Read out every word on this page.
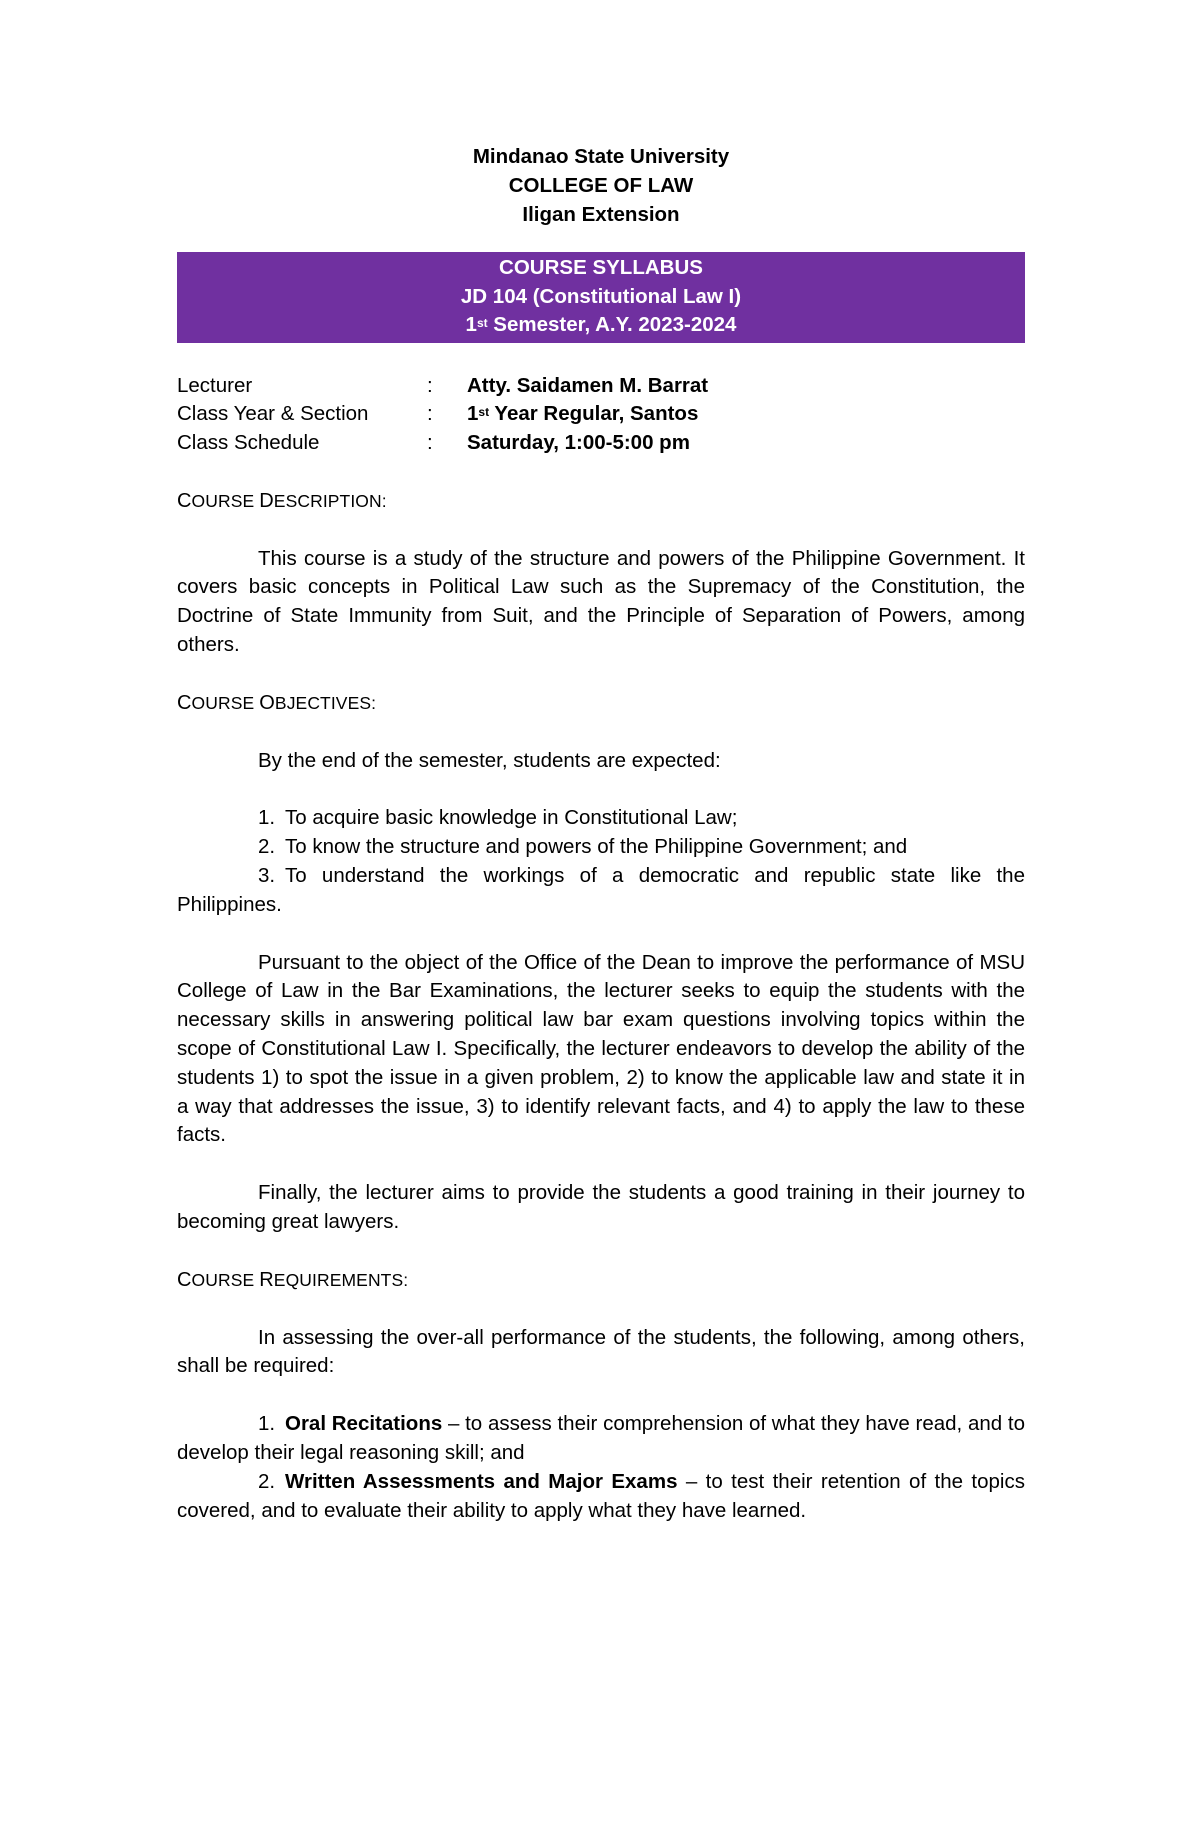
Mindanao State University
COLLEGE OF LAW
Iligan Extension
COURSE SYLLABUS
JD 104 (Constitutional Law I)
1st Semester, A.Y. 2023-2024
Lecturer	:	Atty. Saidamen M. Barrat
Class Year & Section	:	1st Year Regular, Santos
Class Schedule	:	Saturday, 1:00-5:00 pm
COURSE DESCRIPTION:
This course is a study of the structure and powers of the Philippine Government. It covers basic concepts in Political Law such as the Supremacy of the Constitution, the Doctrine of State Immunity from Suit, and the Principle of Separation of Powers, among others.
COURSE OBJECTIVES:
By the end of the semester, students are expected:
1. To acquire basic knowledge in Constitutional Law;
2. To know the structure and powers of the Philippine Government; and
3. To understand the workings of a democratic and republic state like the Philippines.
Pursuant to the object of the Office of the Dean to improve the performance of MSU College of Law in the Bar Examinations, the lecturer seeks to equip the students with the necessary skills in answering political law bar exam questions involving topics within the scope of Constitutional Law I. Specifically, the lecturer endeavors to develop the ability of the students 1) to spot the issue in a given problem, 2) to know the applicable law and state it in a way that addresses the issue, 3) to identify relevant facts, and 4) to apply the law to these facts.
Finally, the lecturer aims to provide the students a good training in their journey to becoming great lawyers.
COURSE REQUIREMENTS:
In assessing the over-all performance of the students, the following, among others, shall be required:
1. Oral Recitations – to assess their comprehension of what they have read, and to develop their legal reasoning skill; and
2. Written Assessments and Major Exams – to test their retention of the topics covered, and to evaluate their ability to apply what they have learned.
